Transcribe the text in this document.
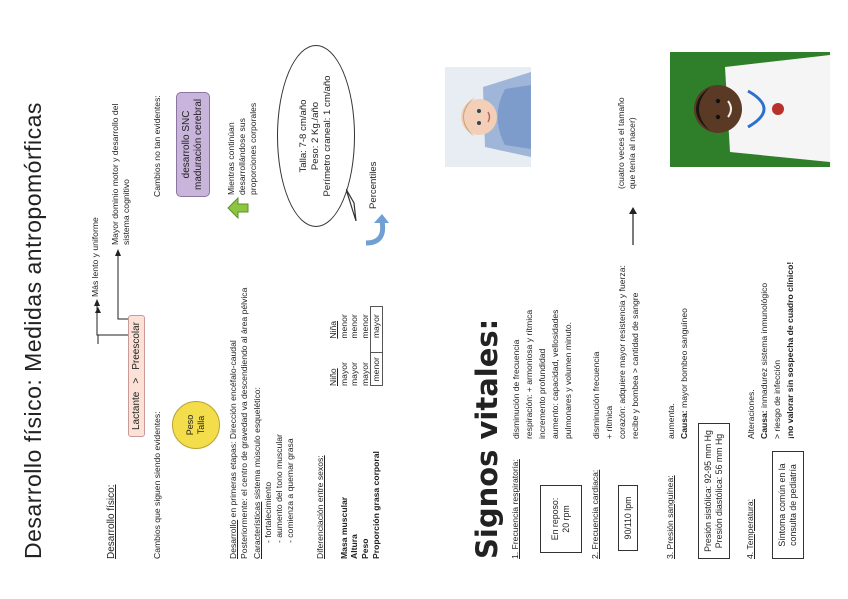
Desarrollo físico: Medidas antropomórficas	Desarrollo físico:
Lactante
>
Preescolar
Más lento y uniforme
Mayor dominio motor y desarrollo del sistema cognitivo
Cambios que siguen siendo evidentes:
Cambios no tan evidentes:
Peso Talla
desarrollo SNC maduración cerebral
Desarrollo en primeras etapas: Dirección encéfalo-caudal Posteriormente: el centro de gravedad va descendiendo al área pélvica Características sistema músculo esquelético:
- fortalecimiento - aumento del tono muscular - comienza a quemar grasa
Mientras continúan desarrollándose sus proporciones corporales	Talla: 7-8 cm/año Peso: 2 Kg./año Perímetro craneal: 1 cm/año
Diferenciación entre sexos:
	Niño	Niña
Masa muscular	mayor	menor
Altura	mayor	menor
Peso	mayor	menor
Proporción grasa corporal	menor	mayor
Percentiles
Signos vitales: 1. Frecuencia respiratoria:	En reposo: 20 rpm
disminución de frecuencia respiración: + armoniosa y rítmica incremento profundidad aumento: capacidad, vellosidades pulmonares y volumen minuto.
2. Frecuencia cardiaca:	90/110 lpm
disminución frecuencia + rítmica corazón: adquiere mayor resistencia y fuerza: recibe y bombea > cantidad de sangre
(cuatro veces el tamaño que tenía al nacer)
3. Presión sanguínea:
aumenta. Causa: mayor bombeo sanguíneo
Presión sistólica: 92-95 mm Hg Presión diastólica: 56 mm Hg 4. Temperatura:	Síntoma común en la consulta de pediatría
Alteraciones. Causa: inmadurez sistema inmunológico > riesgo de infección ¡no valorar sin sospecha de cuadro clínico!
